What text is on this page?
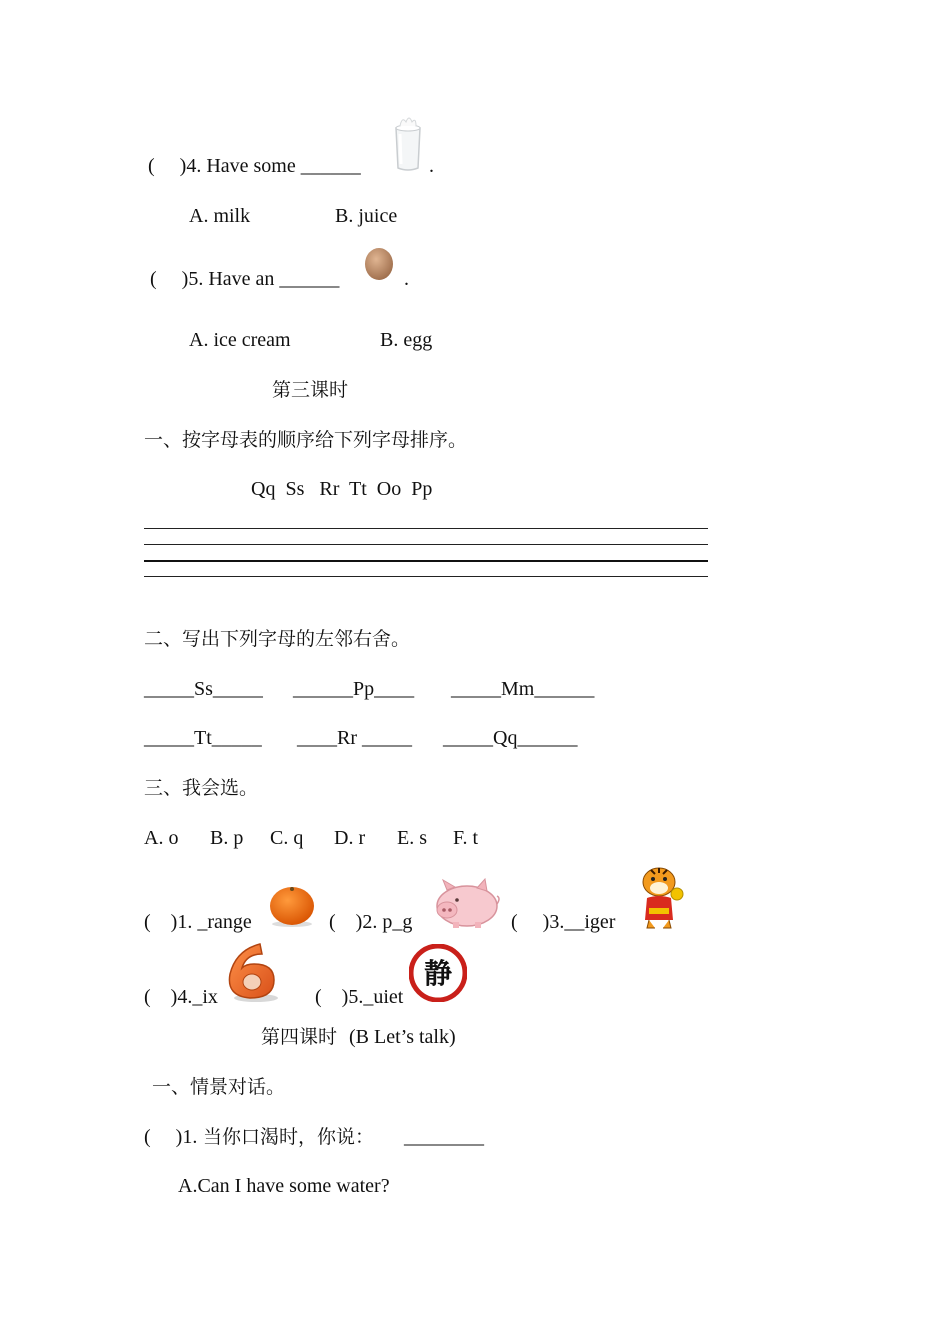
(     )4. Have some ______	.
A. milk	B. juice
(     )5. Have an ______	.
A. ice cream	B. egg
第三课时
一、按字母表的顺序给下列字母排序。
Qq  Ss   Rr  Tt  Oo  Pp
二、写出下列字母的左邻右舍。
_____Ss_____ ______Pp____ _____Mm______
_____Tt_____ ____Rr _____ _____Qq______
三、我会选。
A. o B. p C. q D. r E. s F. t
(    )1. _range	(    )2. p_g	(     )3.__iger
(    )4._ix	(    )5._uiet
静
第四课时 (B Let’s talk)
一、情景对话。
(     )1. 当你口渴时，你说： ________
A.Can I have some water?
